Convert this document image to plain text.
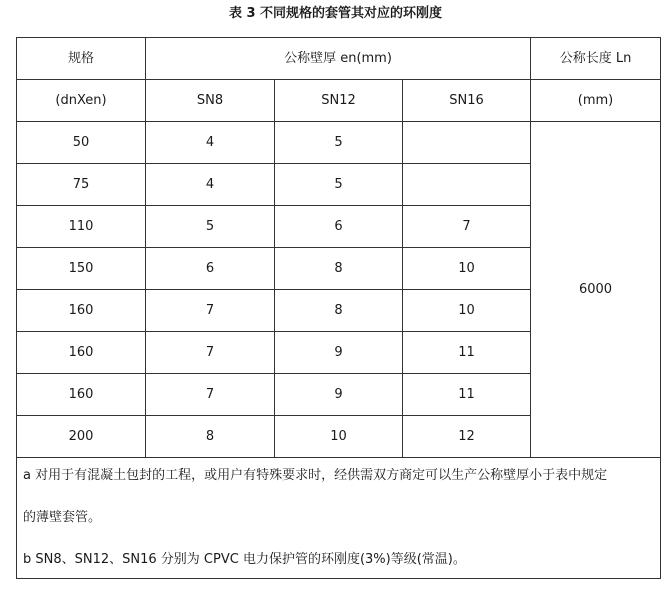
表 3 不同规格的套管其对应的环刚度
规格	公称壁厚 en(mm)			公称长度 Ln
(dnXen)	SN8	SN12	SN16	(mm)
50	4	5		6000
75	4	5		
110	5	6	7	
150	6	8	10	
160	7	8	10	
160	7	9	11	
160	7	9	11	
200	8	10	12	

a 对用于有混凝土包封的工程，或用户有特殊要求时，经供需双方商定可以生产公称壁厚小于表中规定

的薄壁套管。

b SN8、SN12、SN16 分别为 CPVC 电力保护管的环刚度(3%)等级(常温)。				
